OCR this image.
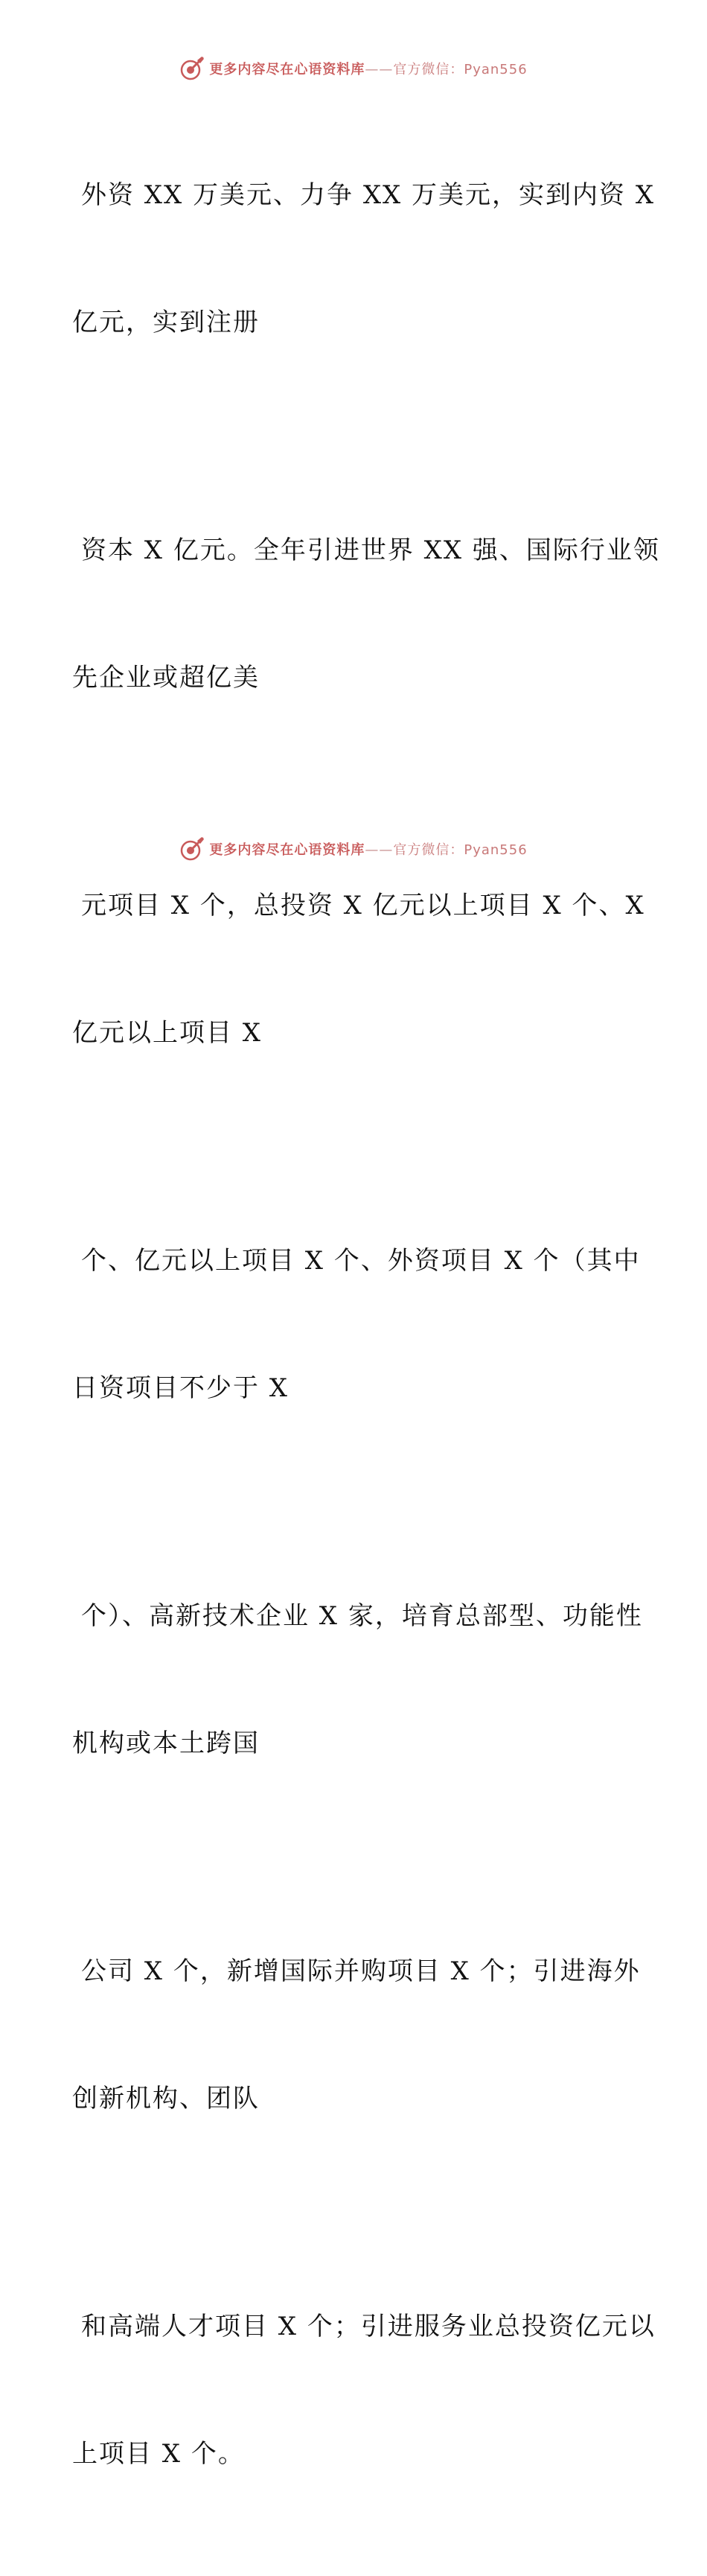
更多内容尽在心语资料库——官方微信：Pyan556

外资 XX 万美元、力争 XX 万美元，实到内资 X

亿元，实到注册

资本 X 亿元。全年引进世界 XX 强、国际行业领

先企业或超亿美

元项目 X 个，总投资 X 亿元以上项目 X 个、X

亿元以上项目 X

个、亿元以上项目 X 个、外资项目 X 个（其中

日资项目不少于 X

个）、高新技术企业 X 家，培育总部型、功能性

机构或本土跨国

公司 X 个，新增国际并购项目 X 个；引进海外

创新机构、团队

和高端人才项目 X 个；引进服务业总投资亿元以

上项目 X 个。

更多内容尽在心语资料库——官方微信：Pyan556
